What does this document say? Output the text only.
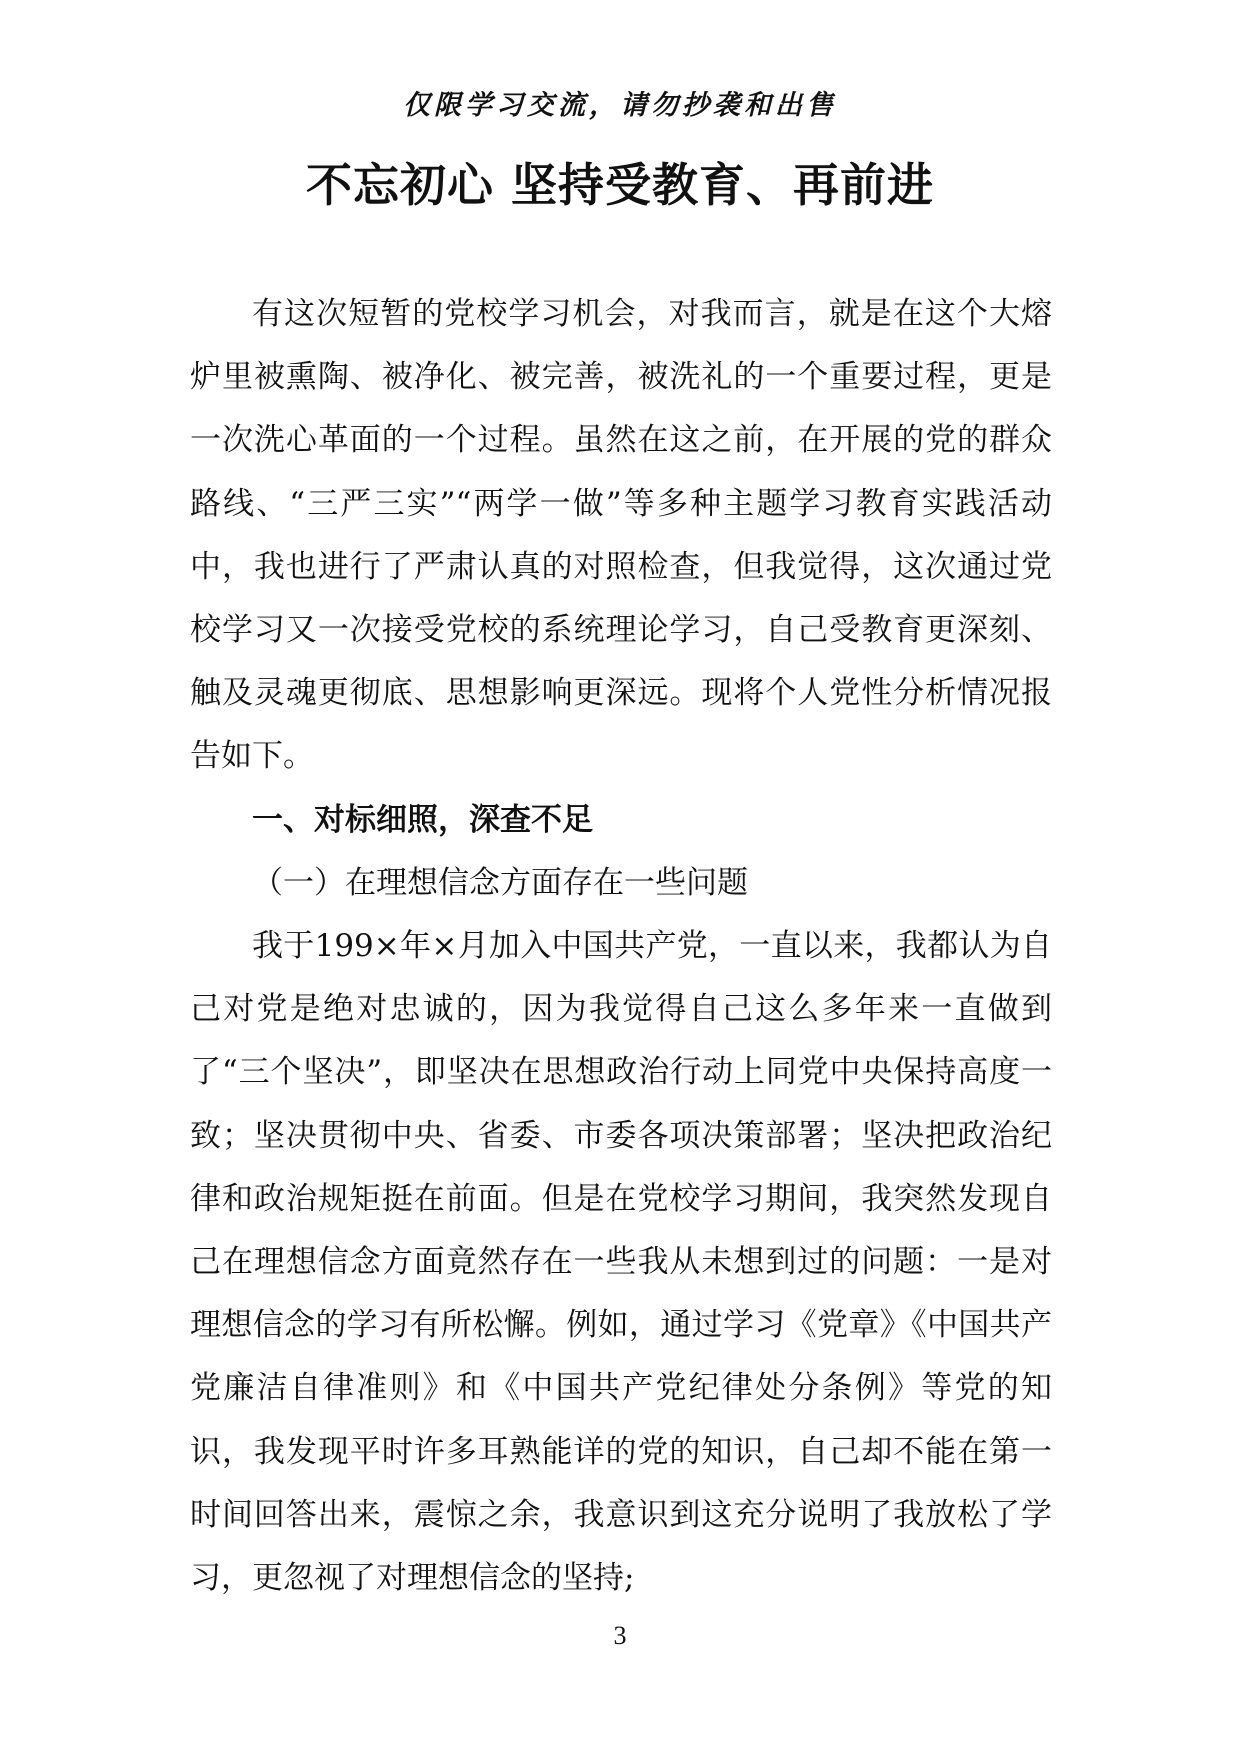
仅限学习交流，请勿抄袭和出售
不忘初心 坚持受教育、再前进

有这次短暂的党校学习机会，对我而言，就是在这个大熔炉里被熏陶、被净化、被完善，被洗礼的一个重要过程，更是一次洗心革面的一个过程。虽然在这之前，在开展的党的群众路线、“三严三实”“两学一做”等多种主题学习教育实践活动中，我也进行了严肃认真的对照检查，但我觉得，这次通过党校学习又一次接受党校的系统理论学习，自己受教育更深刻、触及灵魂更彻底、思想影响更深远。现将个人党性分析情况报告如下。

一、对标细照，深查不足

（一）在理想信念方面存在一些问题

我于199×年×月加入中国共产党，一直以来，我都认为自己对党是绝对忠诚的，因为我觉得自己这么多年来一直做到了“三个坚决”，即坚决在思想政治行动上同党中央保持高度一致；坚决贯彻中央、省委、市委各项决策部署；坚决把政治纪律和政治规矩挺在前面。但是在党校学习期间，我突然发现自己在理想信念方面竟然存在一些我从未想到过的问题：一是对理想信念的学习有所松懈。例如，通过学习《党章》《中国共产党廉洁自律准则》和《中国共产党纪律处分条例》等党的知识，我发现平时许多耳熟能详的党的知识，自己却不能在第一时间回答出来，震惊之余，我意识到这充分说明了我放松了学习，更忽视了对理想信念的坚持;

3
